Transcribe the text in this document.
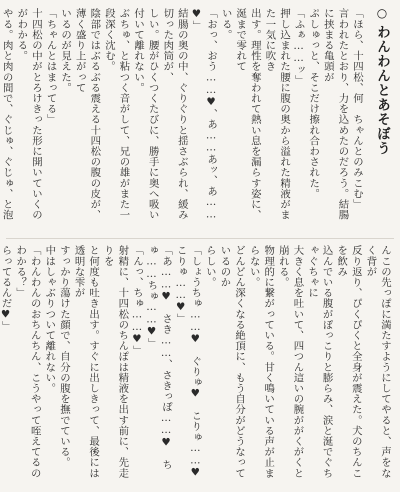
○わんわんとあそぼう
「ほら、十四松、何　ちゃんとのみこむ」
言われたとおり、力を込めたのだろう。結腸に挟まる亀頭が
ぷしゅっと、そこだけ擦れ合わされた。
「ふぁ……ッ」
押し込まれた腰に腹の奥から溢れた精液がまた一気に吹き
出す。理性を奪われて熱い息を漏らす姿に、涎まで零れて
いる。
「おっ、おう……♥、あ……あッ、あ……♥」
結腸の奥の中、ぐりぐりと揺さぶられ、緩み切った肉筒が、
しい。腰がひくつくたびに、勝手に奥へ吸い付いて離れない。
ぶちゅ、と粘つく音がして、兄の雄がまた一段深く沈む。
陰部ではぶるぶる震える十四松の腹の皮が、薄く盛り上がって
いるのが見えた。
「ちゃんとはまってる」
十四松の中がとろけきった形に開いていくのがわかる。
やる。肉と肉の間で、ぐじゅ、ぐじゅ、と泡
んこの先っぽに満たすようにしてやると、声をなく背が
反り返り、ぴくぴくと全身が震えた。犬のちんこを飲み
込んでいる腹がぽっこりと膨らみ、涙と涎でぐちゃぐちゃに
大きく息を吐いて、四つん這いの腕ががくがくと崩れる。
物理的に繋がっている。甘く鳴いている声が止まらない。
どんどん深くなる絶頂に、もう自分がどうなっているのか
らしい。
「しょうちゅ……♥　ぐりゅ♥　こりゅ……♥　こりゅ……♥」
「あ……♥　さき……、さきっぽ……♥　ちゅ……ちゅ……♥」
「んっ、ちゅ……♥」
射精に、十四松のちんぽは精液を出す前に、先走りを
と何度も吐き出す。すぐに出しきって、最後には透明な雫が
すっかり蕩けた顔で、自分の腹を撫でている。
中はしゃぶりついて離れない。
「わんわんのおちんちん、こうやって咥えてるのわかる？」
らってるんだ♥」
